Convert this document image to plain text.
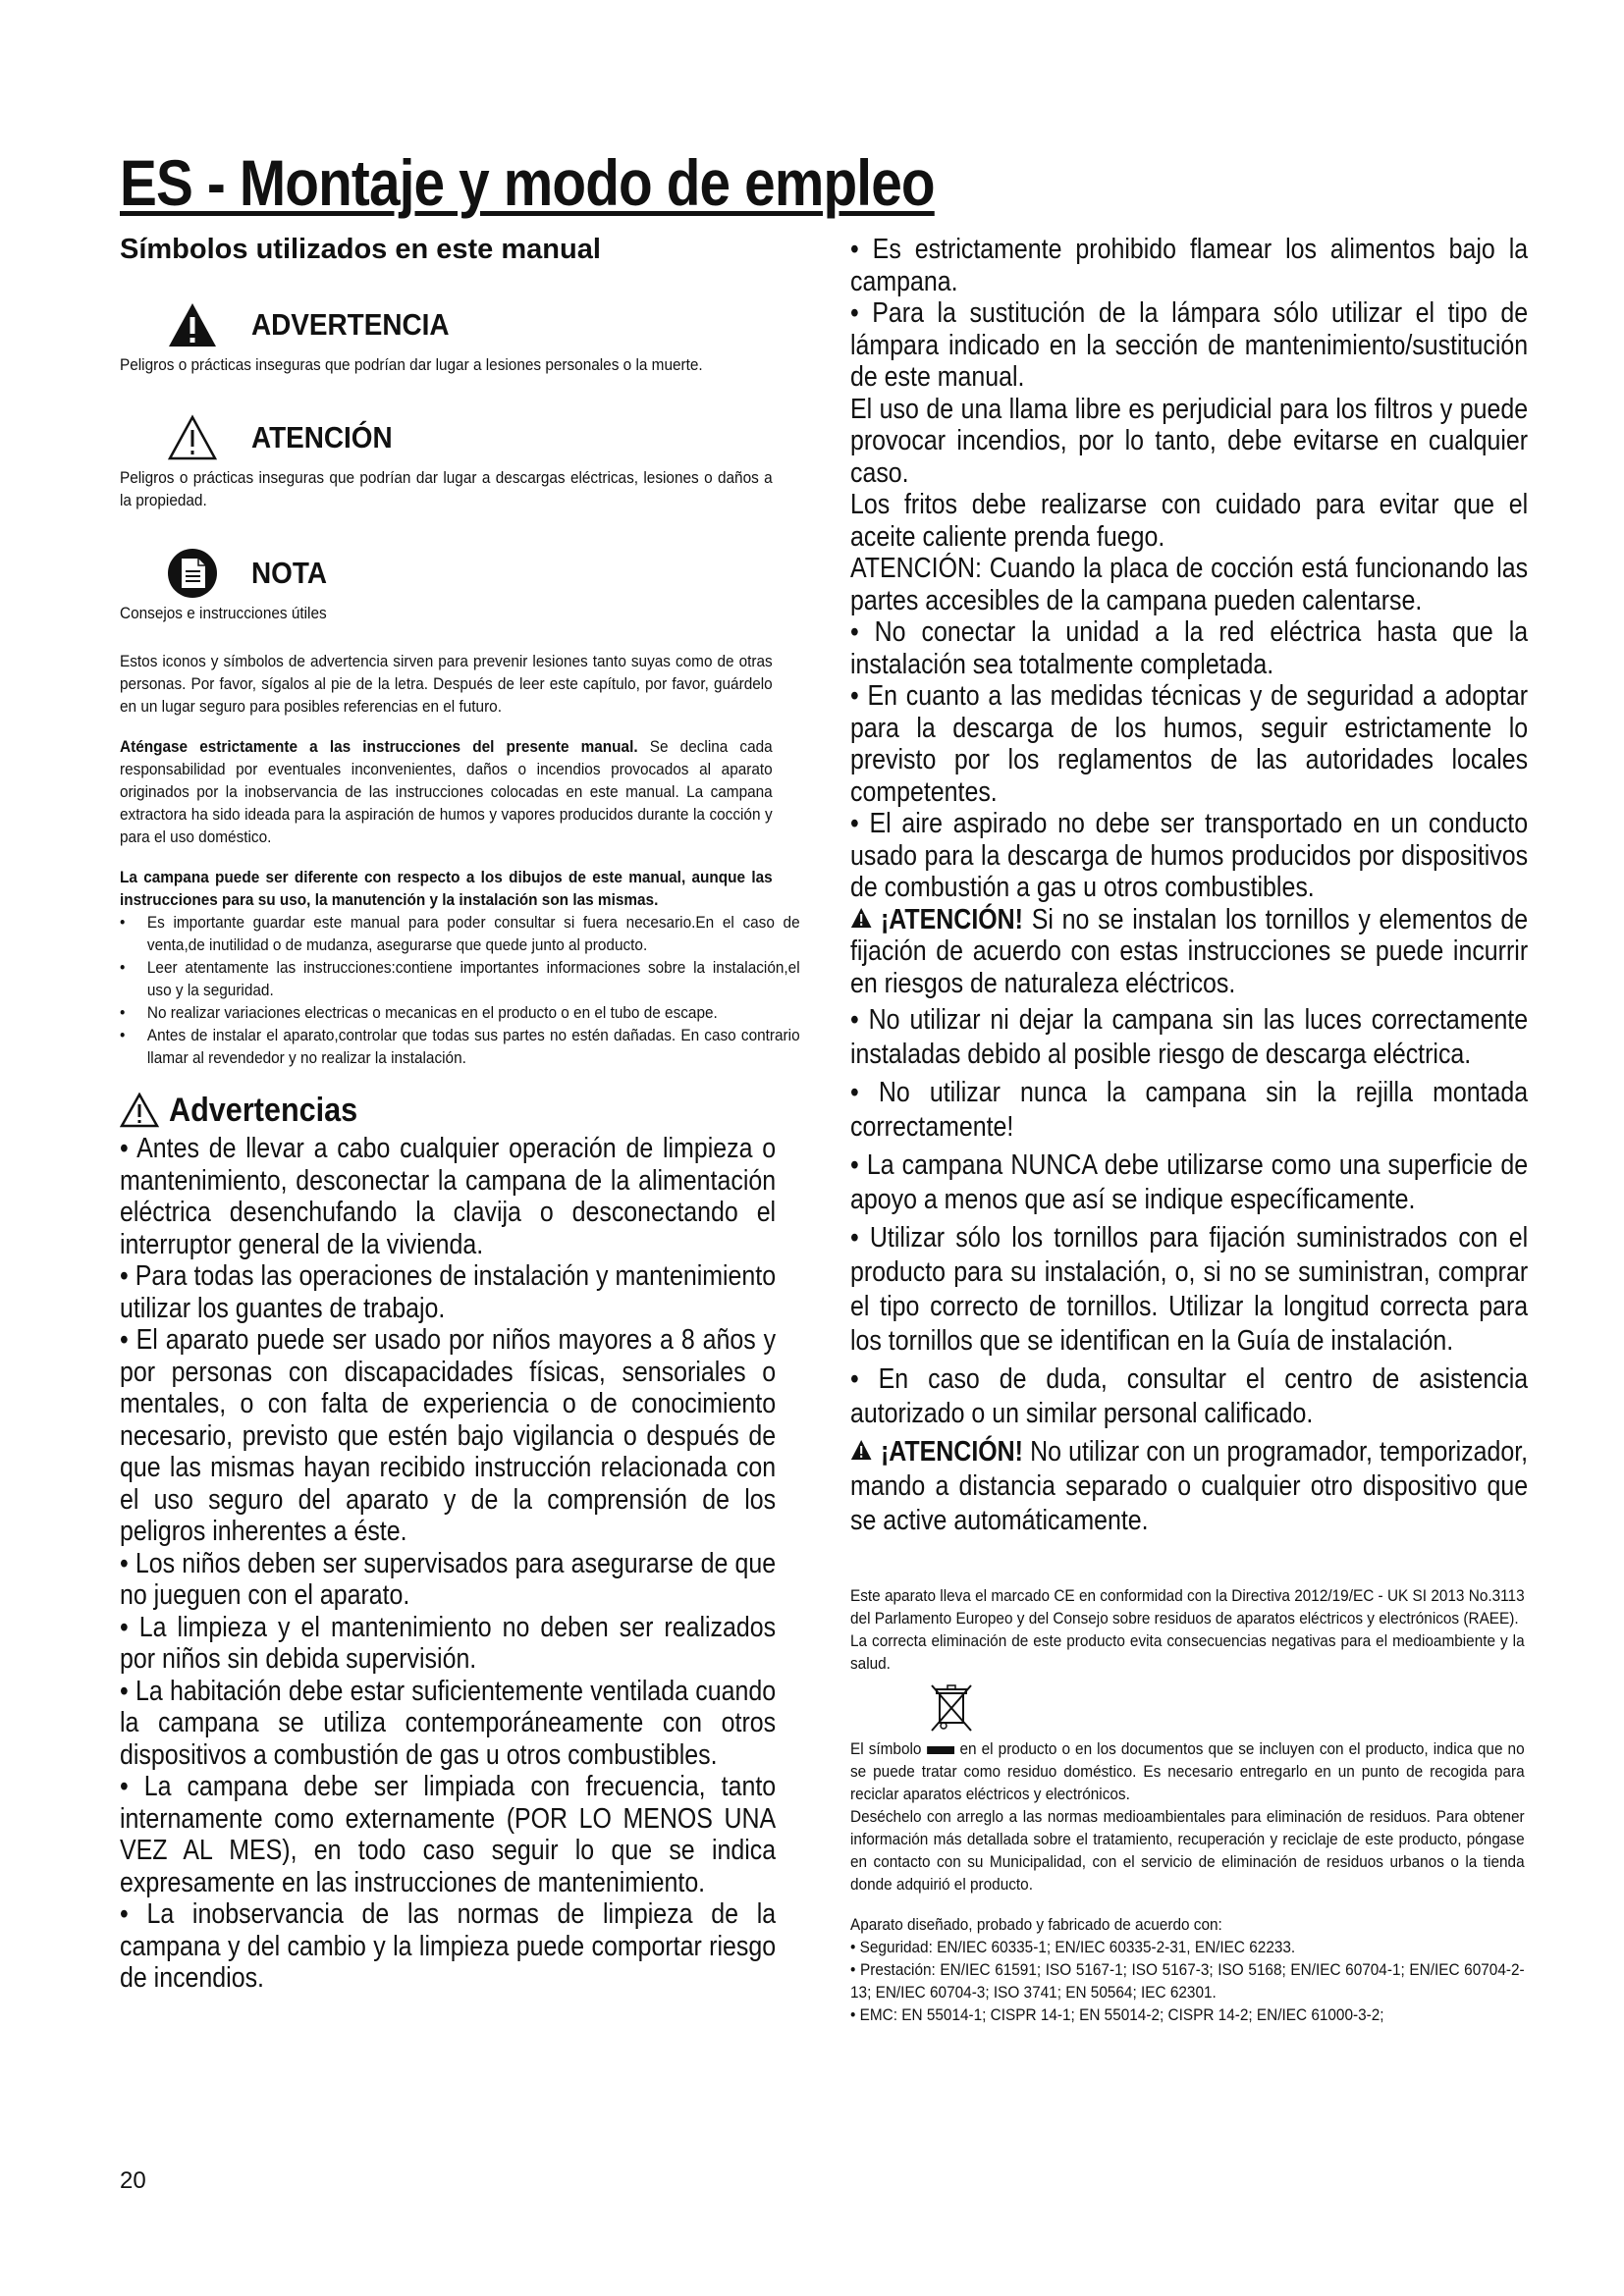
ES - Montaje y modo de empleo
Símbolos utilizados en este manual
ADVERTENCIA

Peligros o prácticas inseguras que podrían dar lugar a lesiones personales o la muerte.

ATENCIÓN

Peligros o prácticas inseguras que podrían dar lugar a descargas eléctricas, lesiones o daños a la propiedad.

NOTA

Consejos e instrucciones útiles

Estos iconos y símbolos de advertencia sirven para prevenir lesiones tanto suyas como de otras personas. Por favor, sígalos al pie de la letra. Después de leer este capítulo, por favor, guárdelo en un lugar seguro para posibles referencias en el futuro.

Aténgase estrictamente a las instrucciones del presente manual. Se declina cada responsabilidad por eventuales inconvenientes, daños o incendios provocados al aparato originados por la inobservancia de las instrucciones colocadas en este manual. La campana extractora ha sido ideada para la aspiración de humos y vapores producidos durante la cocción y para el uso doméstico.

La campana puede ser diferente con respecto a los dibujos de este manual, aunque las instrucciones para su uso, la manutención y la instalación son las mismas.

• Es importante guardar este manual para poder consultar si fuera necesario.En el caso de venta,de inutilidad o de mudanza, asegurarse que quede junto al producto.
• Leer atentamente las instrucciones:contiene importantes informaciones sobre la instalación,el uso y la seguridad.
• No realizar variaciones electricas o mecanicas en el producto o en el tubo de escape.
• Antes de instalar el aparato,controlar que todas sus partes no estén dañadas. En caso contrario llamar al revendedor y no realizar la instalación.
Advertencias

• Antes de llevar a cabo cualquier operación de limpieza o mantenimiento, desconectar la campana de la alimentación eléctrica desenchufando la clavija o desconectando el interruptor general de la vivienda.

• Para todas las operaciones de instalación y mantenimiento utilizar los guantes de trabajo.

• El aparato puede ser usado por niños mayores a 8 años y por personas con discapacidades físicas, sensoriales o mentales, o con falta de experiencia o de conocimiento necesario, previsto que estén bajo vigilancia o después de que las mismas hayan recibido instrucción relacionada con el uso seguro del aparato y de la comprensión de los peligros inherentes a éste.

• Los niños deben ser supervisados para asegurarse de que no jueguen con el aparato.

• La limpieza y el mantenimiento no deben ser realizados por niños sin debida supervisión.

• La habitación debe estar suficientemente ventilada cuando la campana se utiliza contemporáneamente con otros dispositivos a combustión de gas u otros combustibles.

• La campana debe ser limpiada con frecuencia, tanto internamente como externamente (POR LO MENOS UNA VEZ AL MES), en todo caso seguir lo que se indica expresamente en las instrucciones de mantenimiento.

• La inobservancia de las normas de limpieza de la campana y del cambio y la limpieza puede comportar riesgo de incendios.

• Es estrictamente prohibido flamear los alimentos bajo la campana.

• Para la sustitución de la lámpara sólo utilizar el tipo de lámpara indicado en la sección de mantenimiento/sustitución de este manual.

El uso de una llama libre es perjudicial para los filtros y puede provocar incendios, por lo tanto, debe evitarse en cualquier caso.

Los fritos debe realizarse con cuidado para evitar que el aceite caliente prenda fuego.

ATENCIÓN: Cuando la placa de cocción está funcionando las partes accesibles de la campana pueden calentarse.

• No conectar la unidad a la red eléctrica hasta que la instalación sea totalmente completada.

• En cuanto a las medidas técnicas y de seguridad a adoptar para la descarga de los humos, seguir estrictamente lo previsto por los reglamentos de las autoridades locales competentes.

• El aire aspirado no debe ser transportado en un conducto usado para la descarga de humos producidos por dispositivos de combustión a gas u otros combustibles.

¡ATENCIÓN! Si no se instalan los tornillos y elementos de fijación de acuerdo con estas instrucciones se puede incurrir en riesgos de naturaleza eléctricos.

• No utilizar ni dejar la campana sin las luces correctamente instaladas debido al posible riesgo de descarga eléctrica.

• No utilizar nunca la campana sin la rejilla montada correctamente!

• La campana NUNCA debe utilizarse como una superficie de apoyo a menos que así se indique específicamente.

• Utilizar sólo los tornillos para fijación suministrados con el producto para su instalación, o, si no se suministran, comprar el tipo correcto de tornillos. Utilizar la longitud correcta para los tornillos que se identifican en la Guía de instalación.

• En caso de duda, consultar el centro de asistencia autorizado o un similar personal calificado.

¡ATENCIÓN! No utilizar con un programador, temporizador, mando a distancia separado o cualquier otro dispositivo que se active automáticamente.

Este aparato lleva el marcado CE en conformidad con la Directiva 2012/19/EC - UK SI 2013 No.3113 del Parlamento Europeo y del Consejo sobre residuos de aparatos eléctricos y electrónicos (RAEE).

La correcta eliminación de este producto evita consecuencias negativas para el medioambiente y la salud.

El símbolo en el producto o en los documentos que se incluyen con el producto, indica que no se puede tratar como residuo doméstico. Es necesario entregarlo en un punto de recogida para reciclar aparatos eléctricos y electrónicos.

Deséchelo con arreglo a las normas medioambientales para eliminación de residuos. Para obtener información más detallada sobre el tratamiento, recuperación y reciclaje de este producto, póngase en contacto con su Municipalidad, con el servicio de eliminación de residuos urbanos o la tienda donde adquirió el producto.

Aparato diseñado, probado y fabricado de acuerdo con:

• Seguridad: EN/IEC 60335-1; EN/IEC 60335-2-31, EN/IEC 62233.

• Prestación: EN/IEC 61591; ISO 5167-1; ISO 5167-3; ISO 5168; EN/IEC 60704-1; EN/IEC 60704-2-13; EN/IEC 60704-3; ISO 3741; EN 50564; IEC 62301.

• EMC: EN 55014-1; CISPR 14-1; EN 55014-2; CISPR 14-2; EN/IEC 61000-3-2;

20
